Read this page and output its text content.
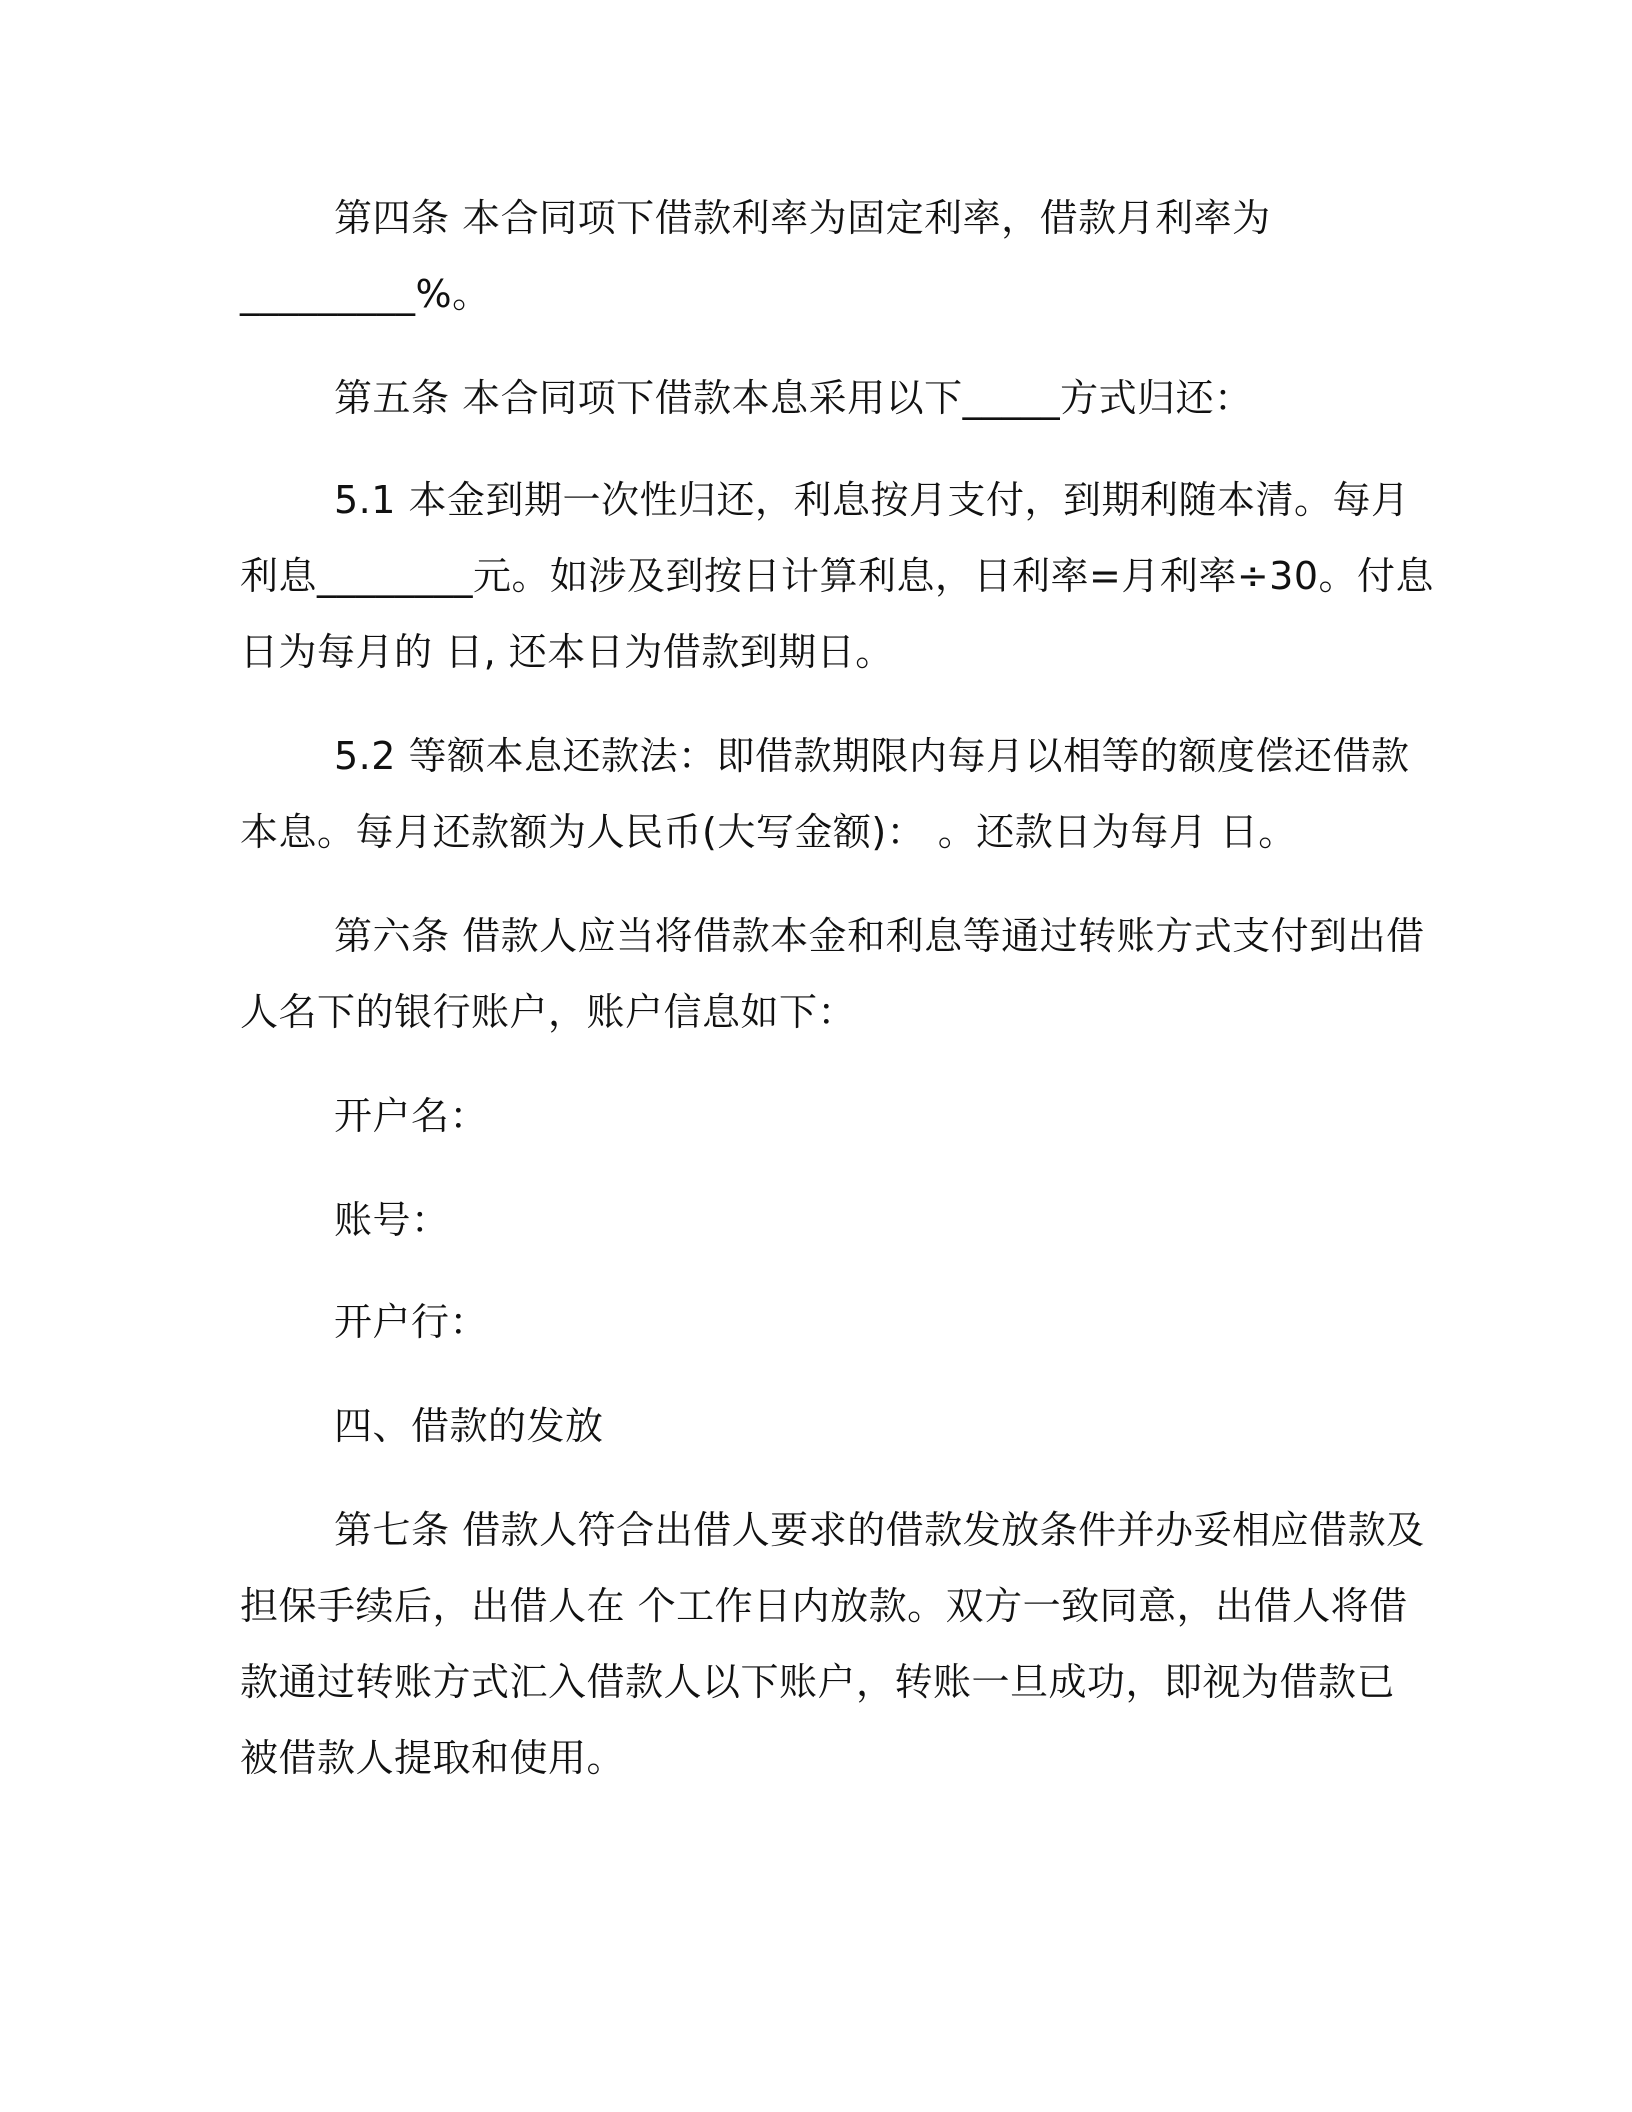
第四条 本合同项下借款利率为固定利率，借款月利率为

_________%。

第五条 本合同项下借款本息采用以下_____方式归还：

5.1 本金到期一次性归还，利息按月支付，到期利随本清。每月

利息________元。如涉及到按日计算利息，日利率=月利率÷30。付息

日为每月的 日, 还本日为借款到期日。

5.2 等额本息还款法：即借款期限内每月以相等的额度偿还借款

本息。每月还款额为人民币(大写金额)： 。还款日为每月 日。

第六条 借款人应当将借款本金和利息等通过转账方式支付到出借

人名下的银行账户，账户信息如下：

开户名：

账号：

开户行：

四、借款的发放

第七条 借款人符合出借人要求的借款发放条件并办妥相应借款及

担保手续后，出借人在 个工作日内放款。双方一致同意，出借人将借

款通过转账方式汇入借款人以下账户，转账一旦成功，即视为借款已

被借款人提取和使用。
